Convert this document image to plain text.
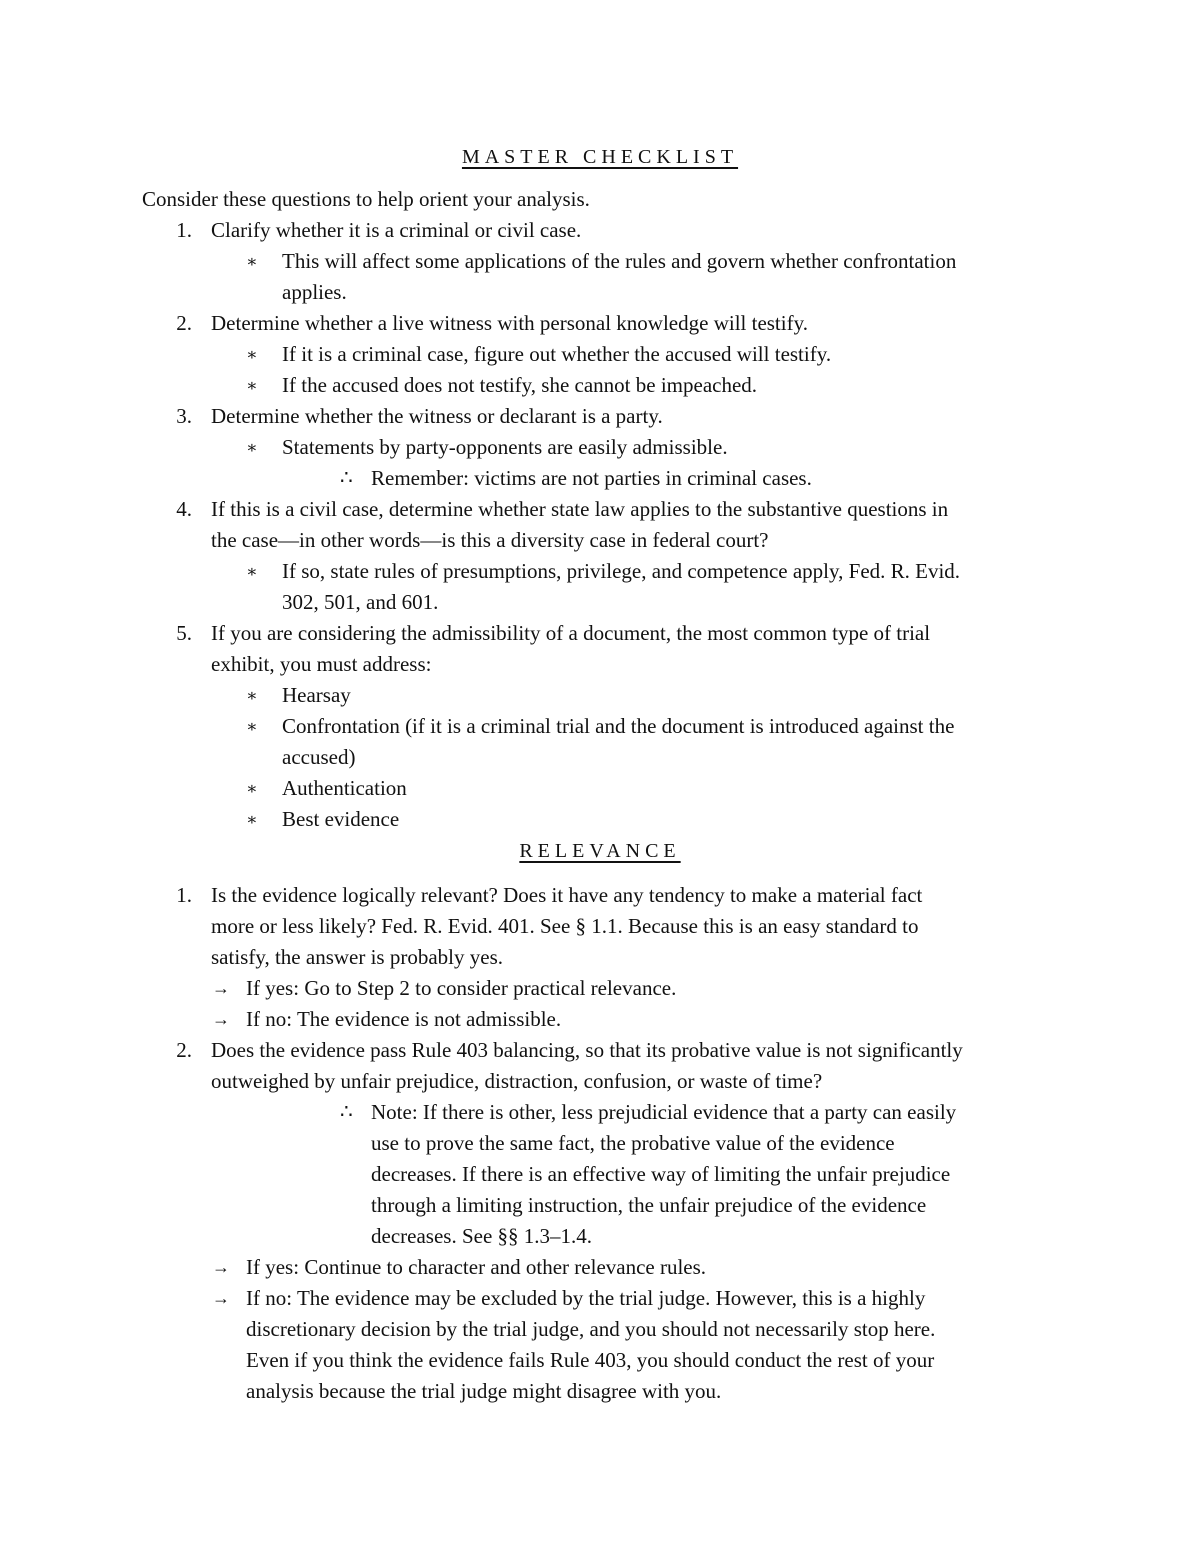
MASTER CHECKLIST
Consider these questions to help orient your analysis.
1. Clarify whether it is a criminal or civil case.
∗ This will affect some applications of the rules and govern whether confrontation
applies.
2. Determine whether a live witness with personal knowledge will testify.
∗ If it is a criminal case, figure out whether the accused will testify.
∗ If the accused does not testify, she cannot be impeached.
3. Determine whether the witness or declarant is a party.
∗ Statements by party-opponents are easily admissible.
∴ Remember: victims are not parties in criminal cases.
4. If this is a civil case, determine whether state law applies to the substantive questions in
the case—in other words—is this a diversity case in federal court?
∗ If so, state rules of presumptions, privilege, and competence apply, Fed. R. Evid.
302, 501, and 601.
5. If you are considering the admissibility of a document, the most common type of trial
exhibit, you must address:
∗ Hearsay
∗ Confrontation (if it is a criminal trial and the document is introduced against the
accused)
∗ Authentication
∗ Best evidence
RELEVANCE
1. Is the evidence logically relevant? Does it have any tendency to make a material fact
more or less likely? Fed. R. Evid. 401. See § 1.1. Because this is an easy standard to
satisfy, the answer is probably yes.
→ If yes: Go to Step 2 to consider practical relevance.
→ If no: The evidence is not admissible.
2. Does the evidence pass Rule 403 balancing, so that its probative value is not significantly
outweighed by unfair prejudice, distraction, confusion, or waste of time?
∴ Note: If there is other, less prejudicial evidence that a party can easily
use to prove the same fact, the probative value of the evidence
decreases. If there is an effective way of limiting the unfair prejudice
through a limiting instruction, the unfair prejudice of the evidence
decreases. See §§ 1.3–1.4.
→ If yes: Continue to character and other relevance rules.
→ If no: The evidence may be excluded by the trial judge. However, this is a highly
discretionary decision by the trial judge, and you should not necessarily stop here.
Even if you think the evidence fails Rule 403, you should conduct the rest of your
analysis because the trial judge might disagree with you.
